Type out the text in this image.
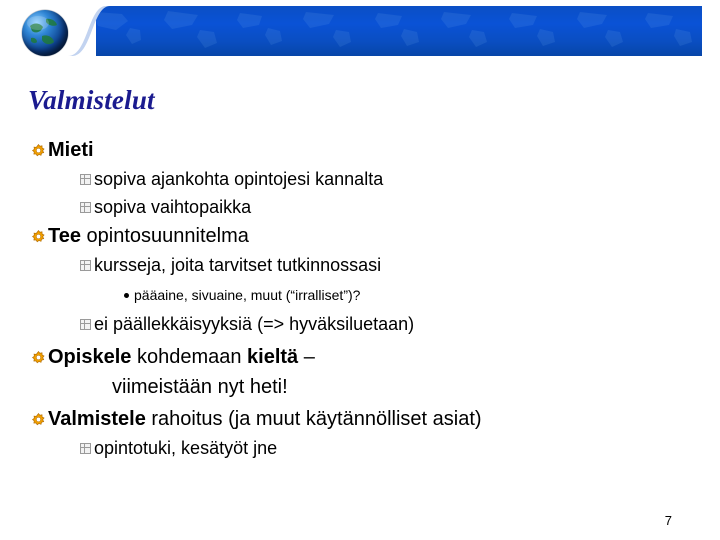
Valmistelut
Mieti
sopiva ajankohta opintojesi kannalta
sopiva vaihtopaikka
Tee opintosuunnitelma
kursseja, joita tarvitset tutkinnossasi
pääaine, sivuaine, muut (“irralliset”)?
ei päällekkäisyyksiä (=> hyväksiluetaan)
Opiskele kohdemaan kieltä –
viimeistään nyt heti!
Valmistele rahoitus (ja muut käytännölliset asiat)
opintotuki, kesätyöt jne
7
